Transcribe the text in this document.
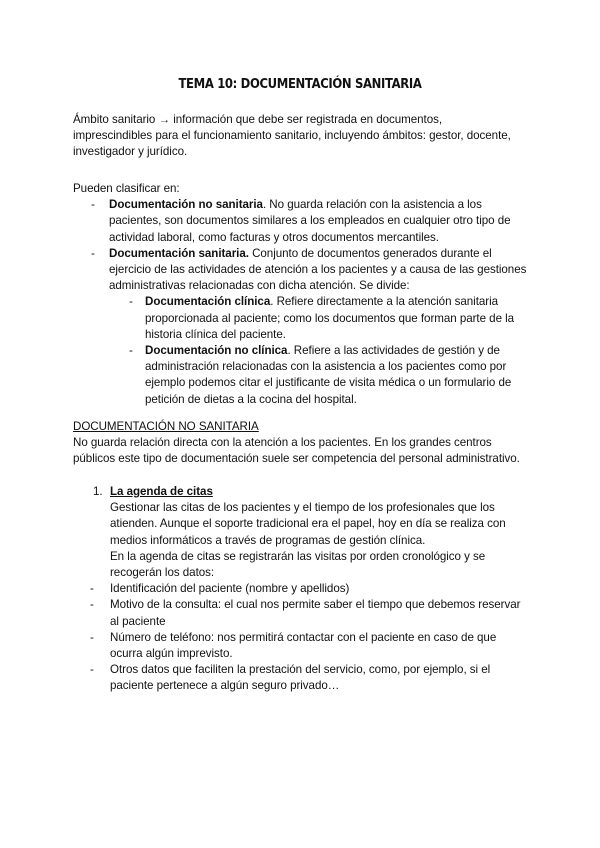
TEMA 10: DOCUMENTACIÓN SANITARIA

Ámbito sanitario → información que debe ser registrada en documentos, imprescindibles para el funcionamiento sanitario, incluyendo ámbitos: gestor, docente, investigador y jurídico.

Pueden clasificar en:

- Documentación no sanitaria. No guarda relación con la asistencia a los pacientes, son documentos similares a los empleados en cualquier otro tipo de actividad laboral, como facturas y otros documentos mercantiles.
- Documentación sanitaria. Conjunto de documentos generados durante el ejercicio de las actividades de atención a los pacientes y a causa de las gestiones administrativas relacionadas con dicha atención. Se divide:
- Documentación clínica. Refiere directamente a la atención sanitaria proporcionada al paciente; como los documentos que forman parte de la historia clínica del paciente.
- Documentación no clínica. Refiere a las actividades de gestión y de administración relacionadas con la asistencia a los pacientes como por ejemplo podemos citar el justificante de visita médica o un formulario de petición de dietas a la cocina del hospital.

DOCUMENTACIÓN NO SANITARIA

No guarda relación directa con la atención a los pacientes. En los grandes centros públicos este tipo de documentación suele ser competencia del personal administrativo.

1. La agenda de citas

Gestionar las citas de los pacientes y el tiempo de los profesionales que los atienden. Aunque el soporte tradicional era el papel, hoy en día se realiza con medios informáticos a través de programas de gestión clínica.

En la agenda de citas se registrarán las visitas por orden cronológico y se recogerán los datos:

- Identificación del paciente (nombre y apellidos)
- Motivo de la consulta: el cual nos permite saber el tiempo que debemos reservar al paciente
- Número de teléfono: nos permitirá contactar con el paciente en caso de que ocurra algún imprevisto.
- Otros datos que faciliten la prestación del servicio, como, por ejemplo, si el paciente pertenece a algún seguro privado…
